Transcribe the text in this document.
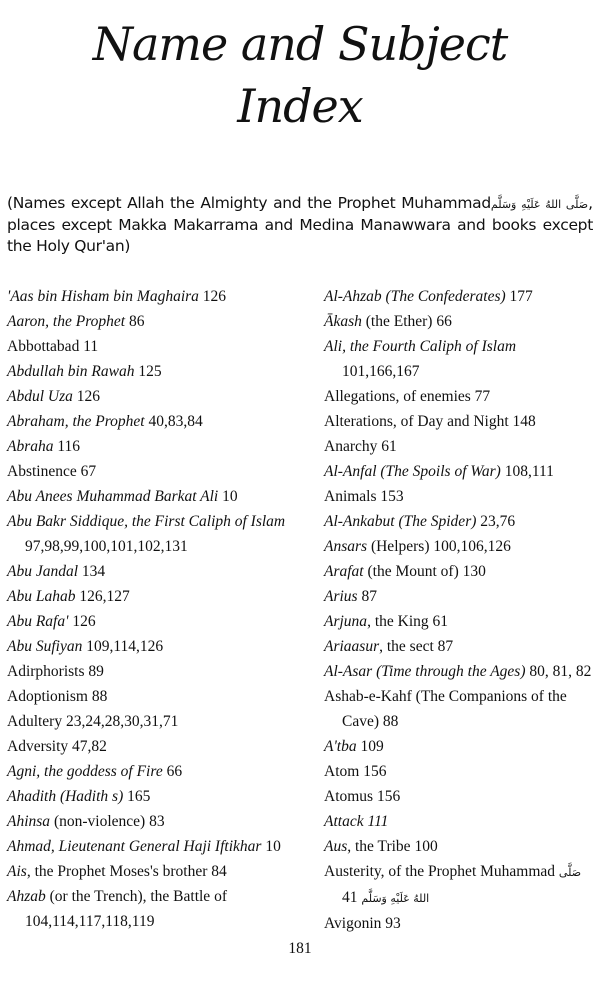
Name and Subject
Index
(Names except Allah the Almighty and the Prophet Muhammadصَلَّى اللهُ عَلَيْهِ وَسَلَّم, places except Makka Makarrama and Medina Manawwara and books except the Holy Qur'an)
'Aas bin Hisham bin Maghaira 126
Aaron, the Prophet 86
Abbottabad 11
Abdullah bin Rawah 125
Abdul Uza 126
Abraham, the Prophet 40,83,84
Abraha 116
Abstinence 67
Abu Anees Muhammad Barkat Ali 10
Abu Bakr Siddique, the First Caliph of Islam 97,98,99,100,101,102,131
Abu Jandal 134
Abu Lahab 126,127
Abu Rafa' 126
Abu Sufiyan 109,114,126
Adirphorists 89
Adoptionism 88
Adultery 23,24,28,30,31,71
Adversity 47,82
Agni, the goddess of Fire 66
Ahadith (Hadith s) 165
Ahinsa (non-violence) 83
Ahmad, Lieutenant General Haji Iftikhar 10
Ais, the Prophet Moses's brother 84
Ahzab (or the Trench), the Battle of 104,114,117,118,119
Al-Ahzab (The Confederates) 177
Ākash (the Ether) 66
Ali, the Fourth Caliph of Islam 101,166,167
Allegations, of enemies 77
Alterations, of Day and Night 148
Anarchy 61
Al-Anfal (The Spoils of War) 108,111
Animals 153
Al-Ankabut (The Spider) 23,76
Ansars (Helpers) 100,106,126
Arafat (the Mount of) 130
Arius 87
Arjuna, the King 61
Ariaasur, the sect 87
Al-Asar (Time through the Ages) 80, 81, 82
Ashab-e-Kahf (The Companions of the Cave) 88
A'tba 109
Atom 156
Atomus 156
Attack 111
Aus, the Tribe 100
Austerity, of the Prophet Muhammad صَلَّى اللهُ عَلَيْهِ وَسَلَّم 41
Avigonin 93
181
